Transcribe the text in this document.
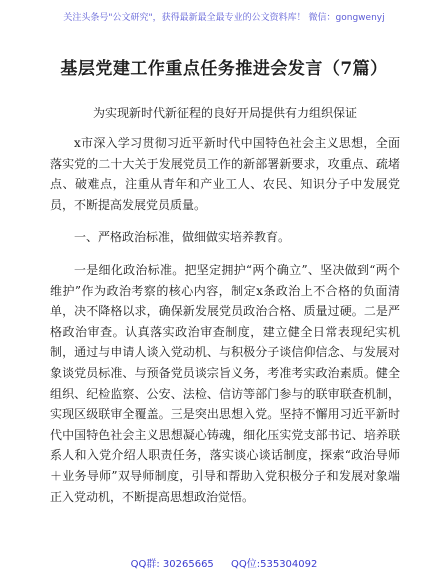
关注头条号"公文研究"，获得最新最全最专业的公文资料库！ 微信：gongwenyj
基层党建工作重点任务推进会发言（7篇）

为实现新时代新征程的良好开局提供有力组织保证

x市深入学习贯彻习近平新时代中国特色社会主义思想，全面落实党的二十大关于发展党员工作的新部署新要求，攻重点、疏堵点、破难点，注重从青年和产业工人、农民、知识分子中发展党员，不断提高发展党员质量。

一、严格政治标准，做细做实培养教育。

一是细化政治标准。把坚定拥护“两个确立”、坚决做到“两个维护”作为政治考察的核心内容，制定x条政治上不合格的负面清单，决不降格以求，确保新发展党员政治合格、质量过硬。二是严格政治审查。认真落实政治审查制度，建立健全日常表现纪实机制，通过与申请人谈入党动机、与积极分子谈信仰信念、与发展对象谈党员标准、与预备党员谈宗旨义务，考准考实政治素质。健全组织、纪检监察、公安、法检、信访等部门参与的联审联查机制，实现区级联审全覆盖。三是突出思想入党。坚持不懈用习近平新时代中国特色社会主义思想凝心铸魂，细化压实党支部书记、培养联系人和入党介绍人职责任务，落实谈心谈话制度，探索“政治导师＋业务导师”双导师制度，引导和帮助入党积极分子和发展对象端正入党动机，不断提高思想政治觉悟。

QQ群: 30265665 QQ位:535304092
